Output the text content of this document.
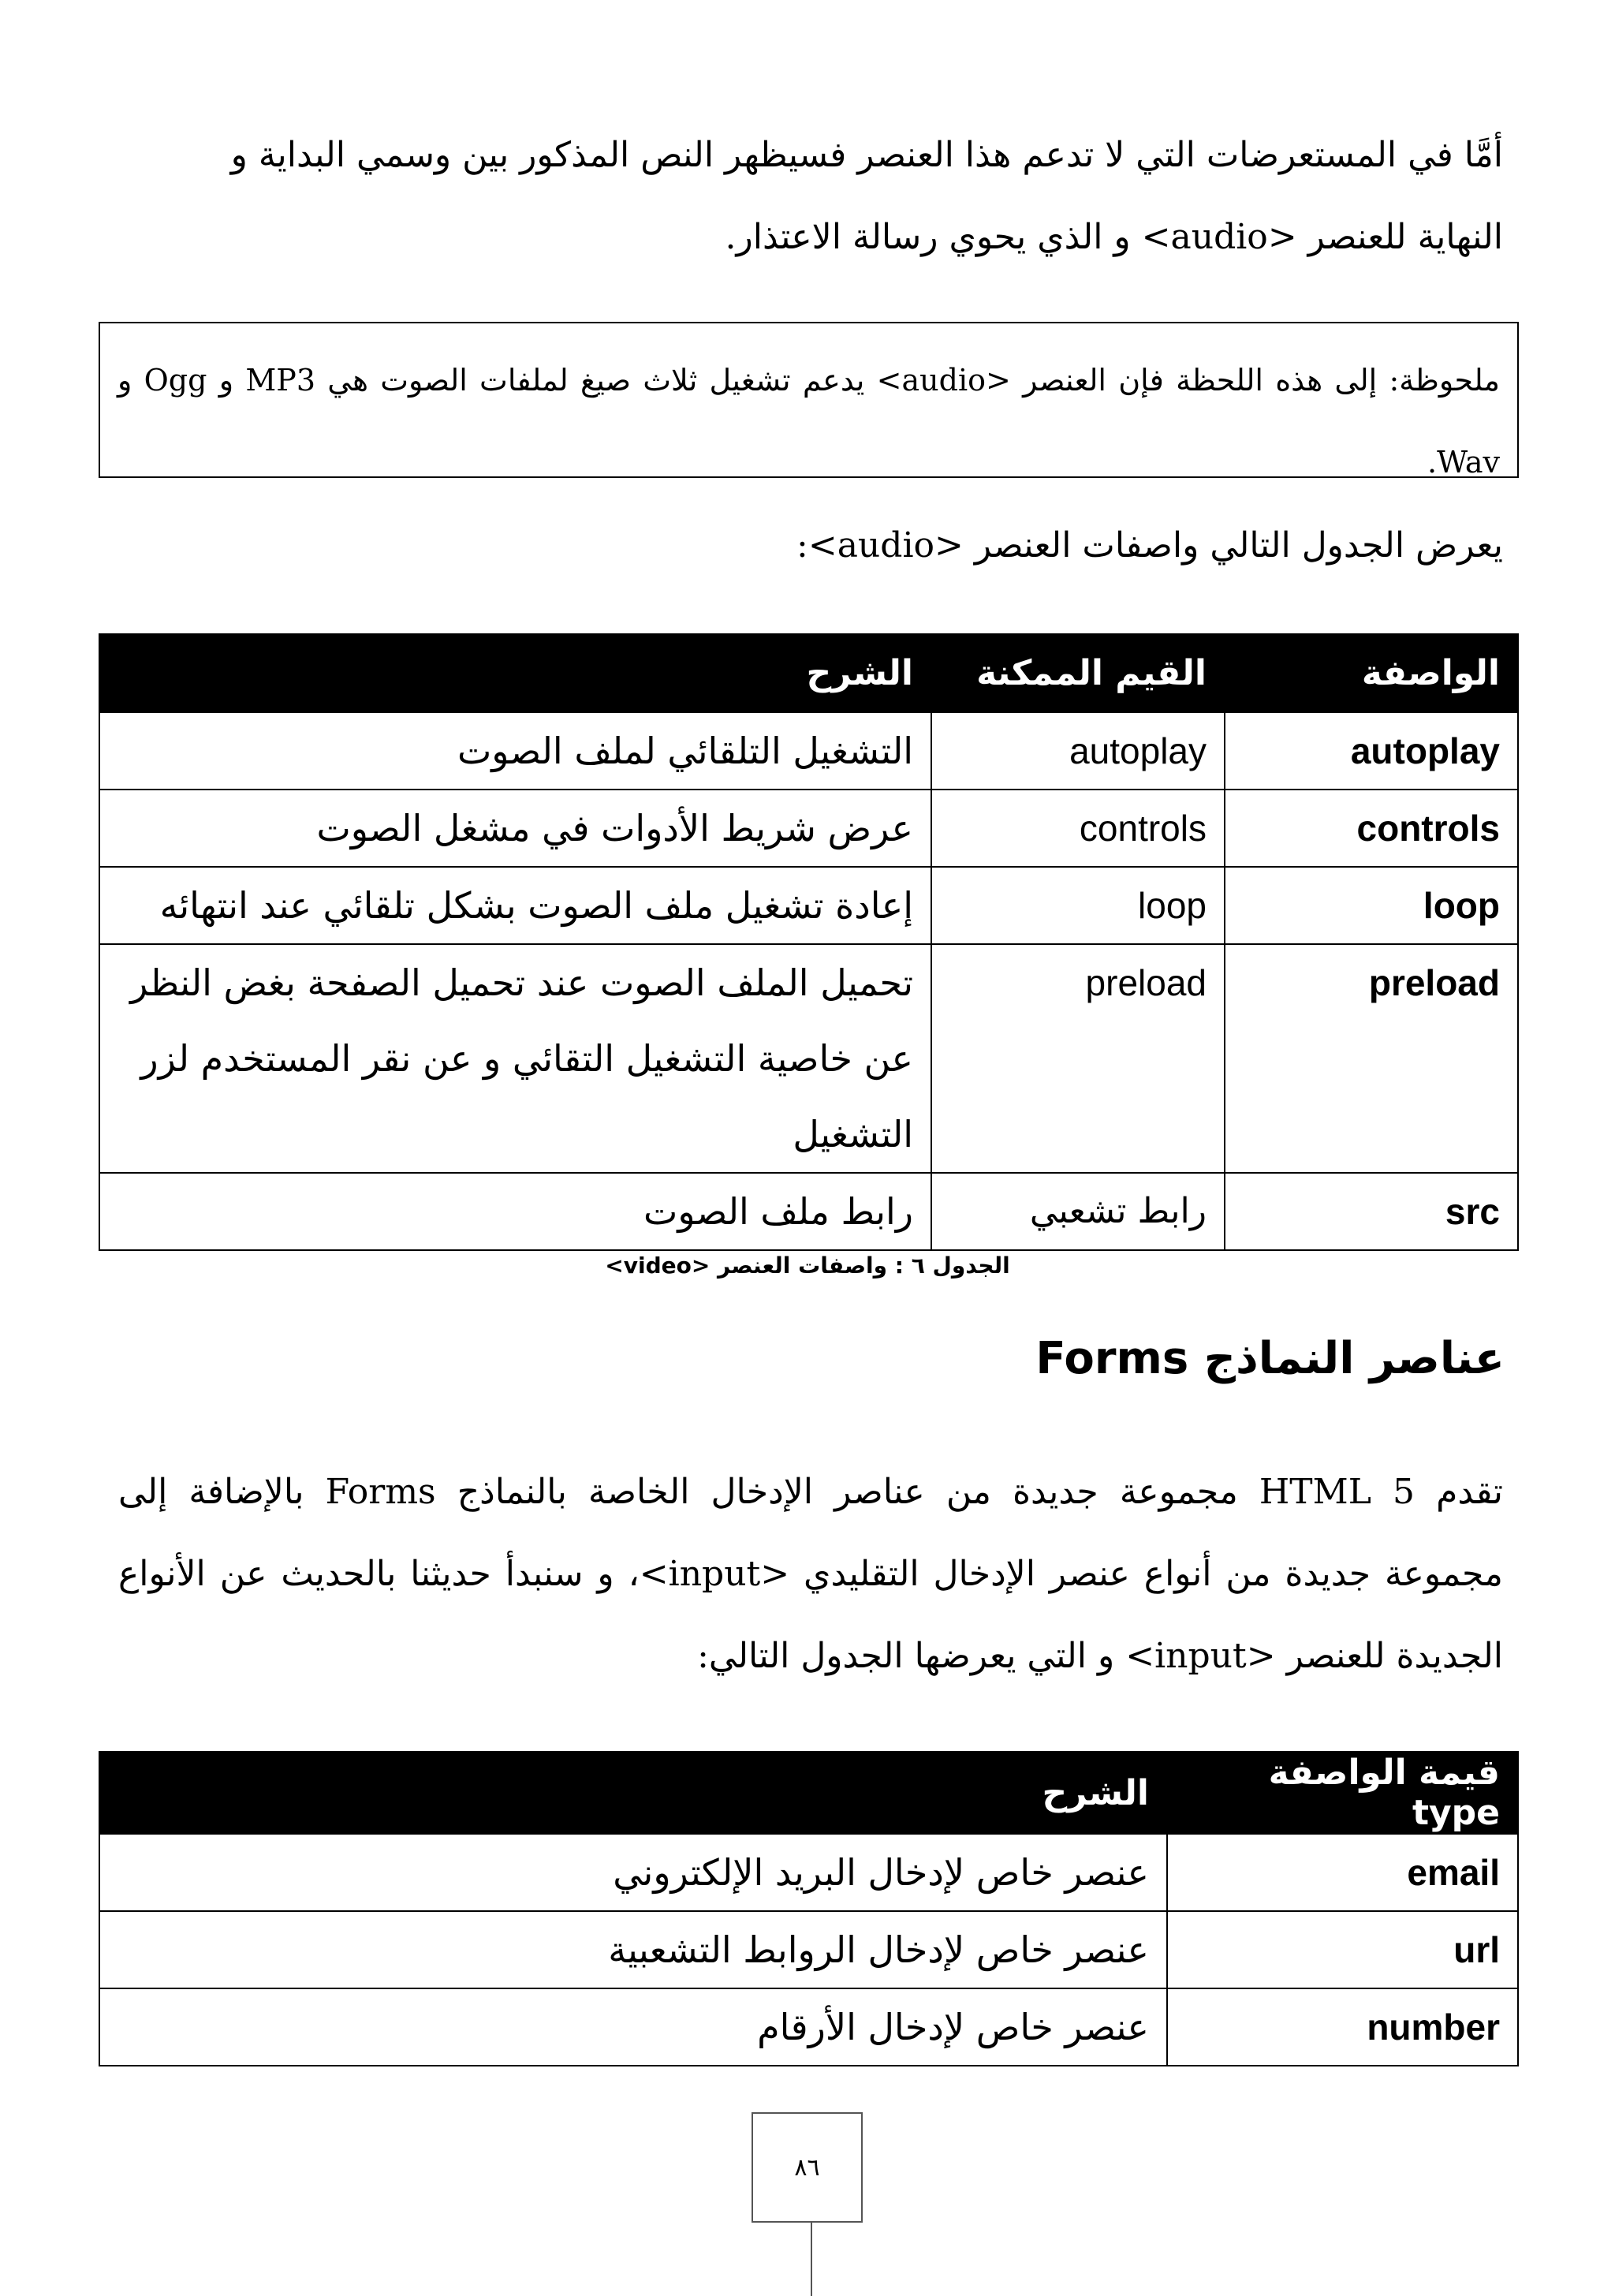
أمَّا في المستعرضات التي لا تدعم هذا العنصر فسيظهر النص المذكور بين وسمي البداية و

النهاية للعنصر <audio> و الذي يحوي رسالة الاعتذار.

ملحوظة: إلى هذه اللحظة فإن العنصر <audio> يدعم تشغيل ثلاث صيغ لملفات الصوت هي MP3 و Ogg و Wav.

يعرض الجدول التالي واصفات العنصر <audio>:

الواصفة	القيم الممكنة	الشرح
autoplay	autoplay	التشغيل التلقائي لملف الصوت
controls	controls	عرض شريط الأدوات في مشغل الصوت
loop	loop	إعادة تشغيل ملف الصوت بشكل تلقائي عند انتهائه
preload	preload	تحميل الملف الصوت عند تحميل الصفحة بغض النظر عن خاصية التشغيل التقائي و عن نقر المستخدم لزر التشغيل
src	رابط تشعبي	رابط ملف الصوت
الجدول ٦ : واصفات العنصر <video>
عناصر النماذج Forms

تقدم HTML 5 مجموعة جديدة من عناصر الإدخال الخاصة بالنماذج Forms بالإضافة إلى مجموعة جديدة من أنواع عنصر الإدخال التقليدي <input>، و سنبدأ حديثنا بالحديث عن الأنواع الجديدة للعنصر <input> و التي يعرضها الجدول التالي:

قيمة الواصفة type	الشرح
email	عنصر خاص لإدخال البريد الإلكتروني
url	عنصر خاص لإدخال الروابط التشعبية
number	عنصر خاص لإدخال الأرقام
٨٦
